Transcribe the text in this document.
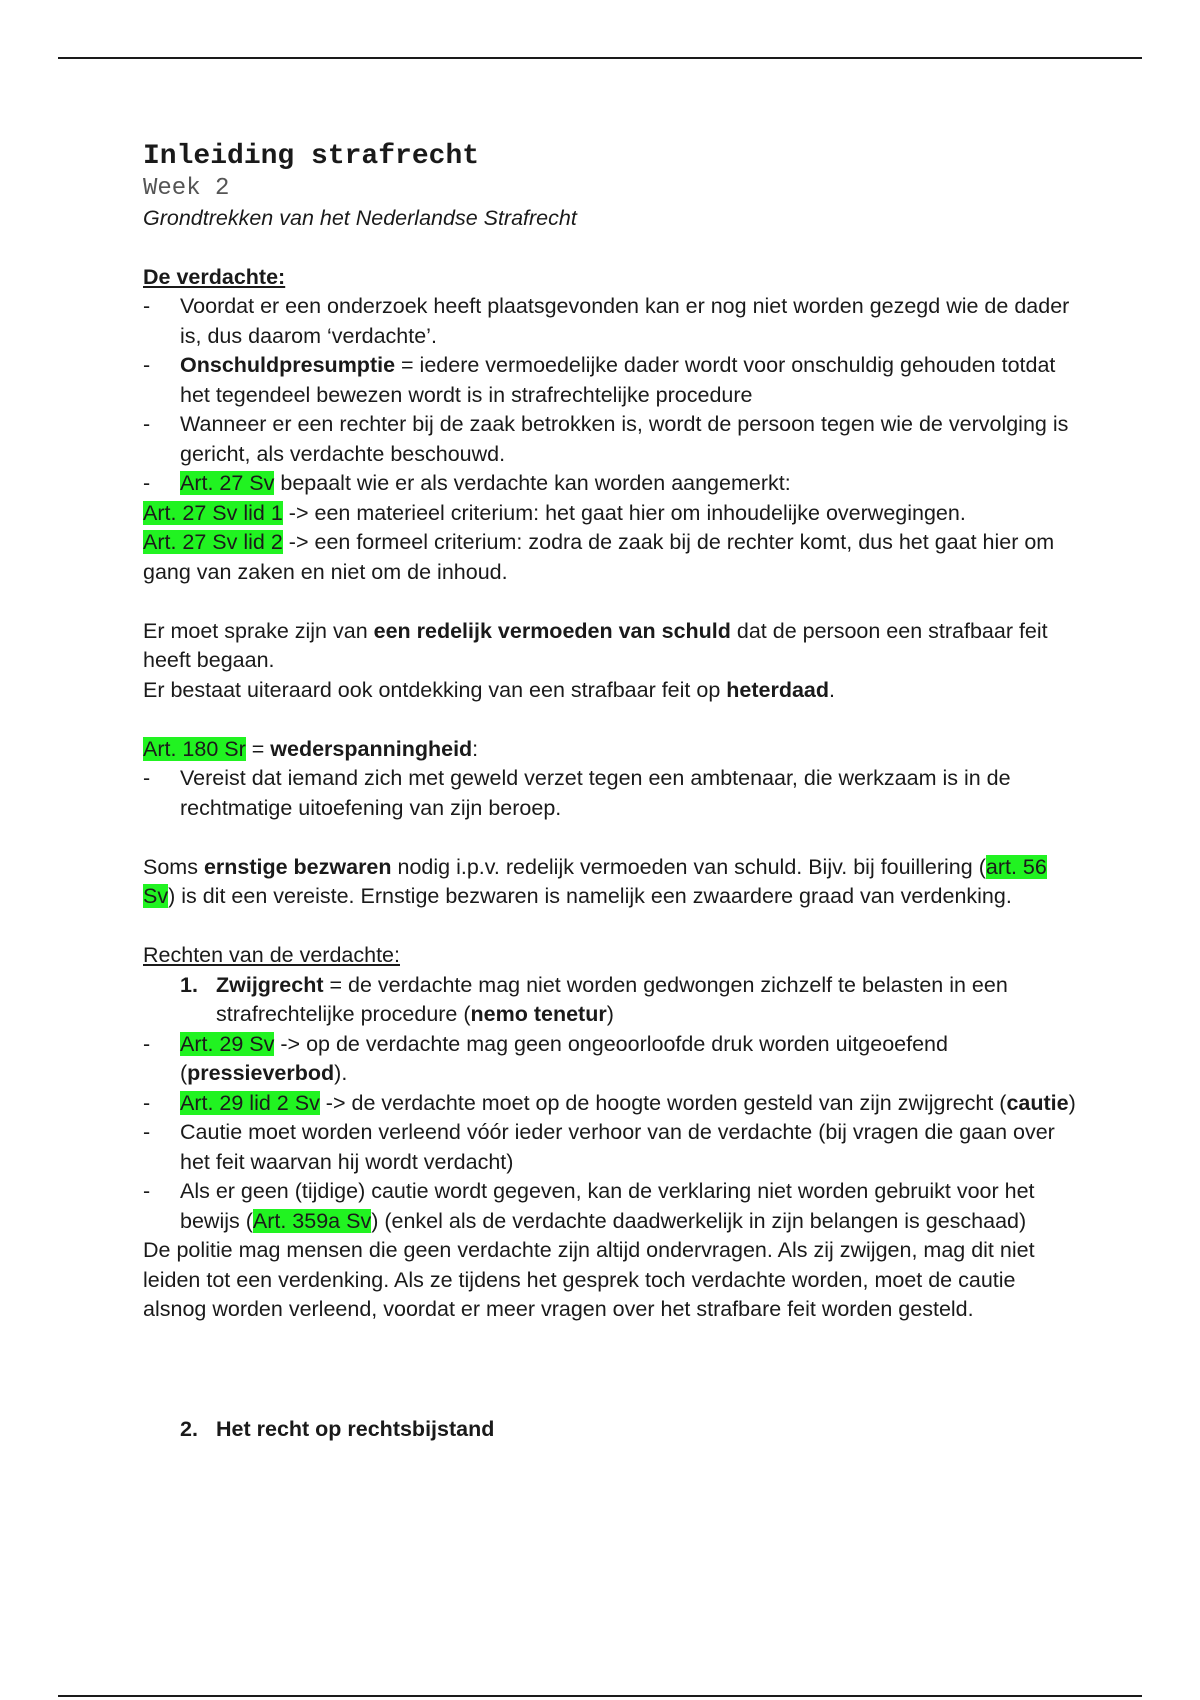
Inleiding strafrecht

Week 2

Grondtrekken van het Nederlandse Strafrecht

De verdachte:

- Voordat er een onderzoek heeft plaatsgevonden kan er nog niet worden gezegd wie de dader is, dus daarom ‘verdachte’.
- Onschuldpresumptie = iedere vermoedelijke dader wordt voor onschuldig gehouden totdat het tegendeel bewezen wordt is in strafrechtelijke procedure
- Wanneer er een rechter bij de zaak betrokken is, wordt de persoon tegen wie de vervolging is gericht, als verdachte beschouwd.
- Art. 27 Sv bepaalt wie er als verdachte kan worden aangemerkt:

Art. 27 Sv lid 1 -> een materieel criterium: het gaat hier om inhoudelijke overwegingen.

Art. 27 Sv lid 2 -> een formeel criterium: zodra de zaak bij de rechter komt, dus het gaat hier om gang van zaken en niet om de inhoud.

Er moet sprake zijn van een redelijk vermoeden van schuld dat de persoon een strafbaar feit heeft begaan.

Er bestaat uiteraard ook ontdekking van een strafbaar feit op heterdaad.

Art. 180 Sr = wederspanningheid:

- Vereist dat iemand zich met geweld verzet tegen een ambtenaar, die werkzaam is in de rechtmatige uitoefening van zijn beroep.

Soms ernstige bezwaren nodig i.p.v. redelijk vermoeden van schuld. Bijv. bij fouillering (art. 56 Sv) is dit een vereiste. Ernstige bezwaren is namelijk een zwaardere graad van verdenking.

Rechten van de verdachte:

1. Zwijgrecht = de verdachte mag niet worden gedwongen zichzelf te belasten in een strafrechtelijke procedure (nemo tenetur)
- Art. 29 Sv -> op de verdachte mag geen ongeoorloofde druk worden uitgeoefend (pressieverbod).
- Art. 29 lid 2 Sv -> de verdachte moet op de hoogte worden gesteld van zijn zwijgrecht (cautie)
- Cautie moet worden verleend vóór ieder verhoor van de verdachte (bij vragen die gaan over het feit waarvan hij wordt verdacht)
- Als er geen (tijdige) cautie wordt gegeven, kan de verklaring niet worden gebruikt voor het bewijs (Art. 359a Sv) (enkel als de verdachte daadwerkelijk in zijn belangen is geschaad)

De politie mag mensen die geen verdachte zijn altijd ondervragen. Als zij zwijgen, mag dit niet leiden tot een verdenking. Als ze tijdens het gesprek toch verdachte worden, moet de cautie alsnog worden verleend, voordat er meer vragen over het strafbare feit worden gesteld.

2. Het recht op rechtsbijstand
